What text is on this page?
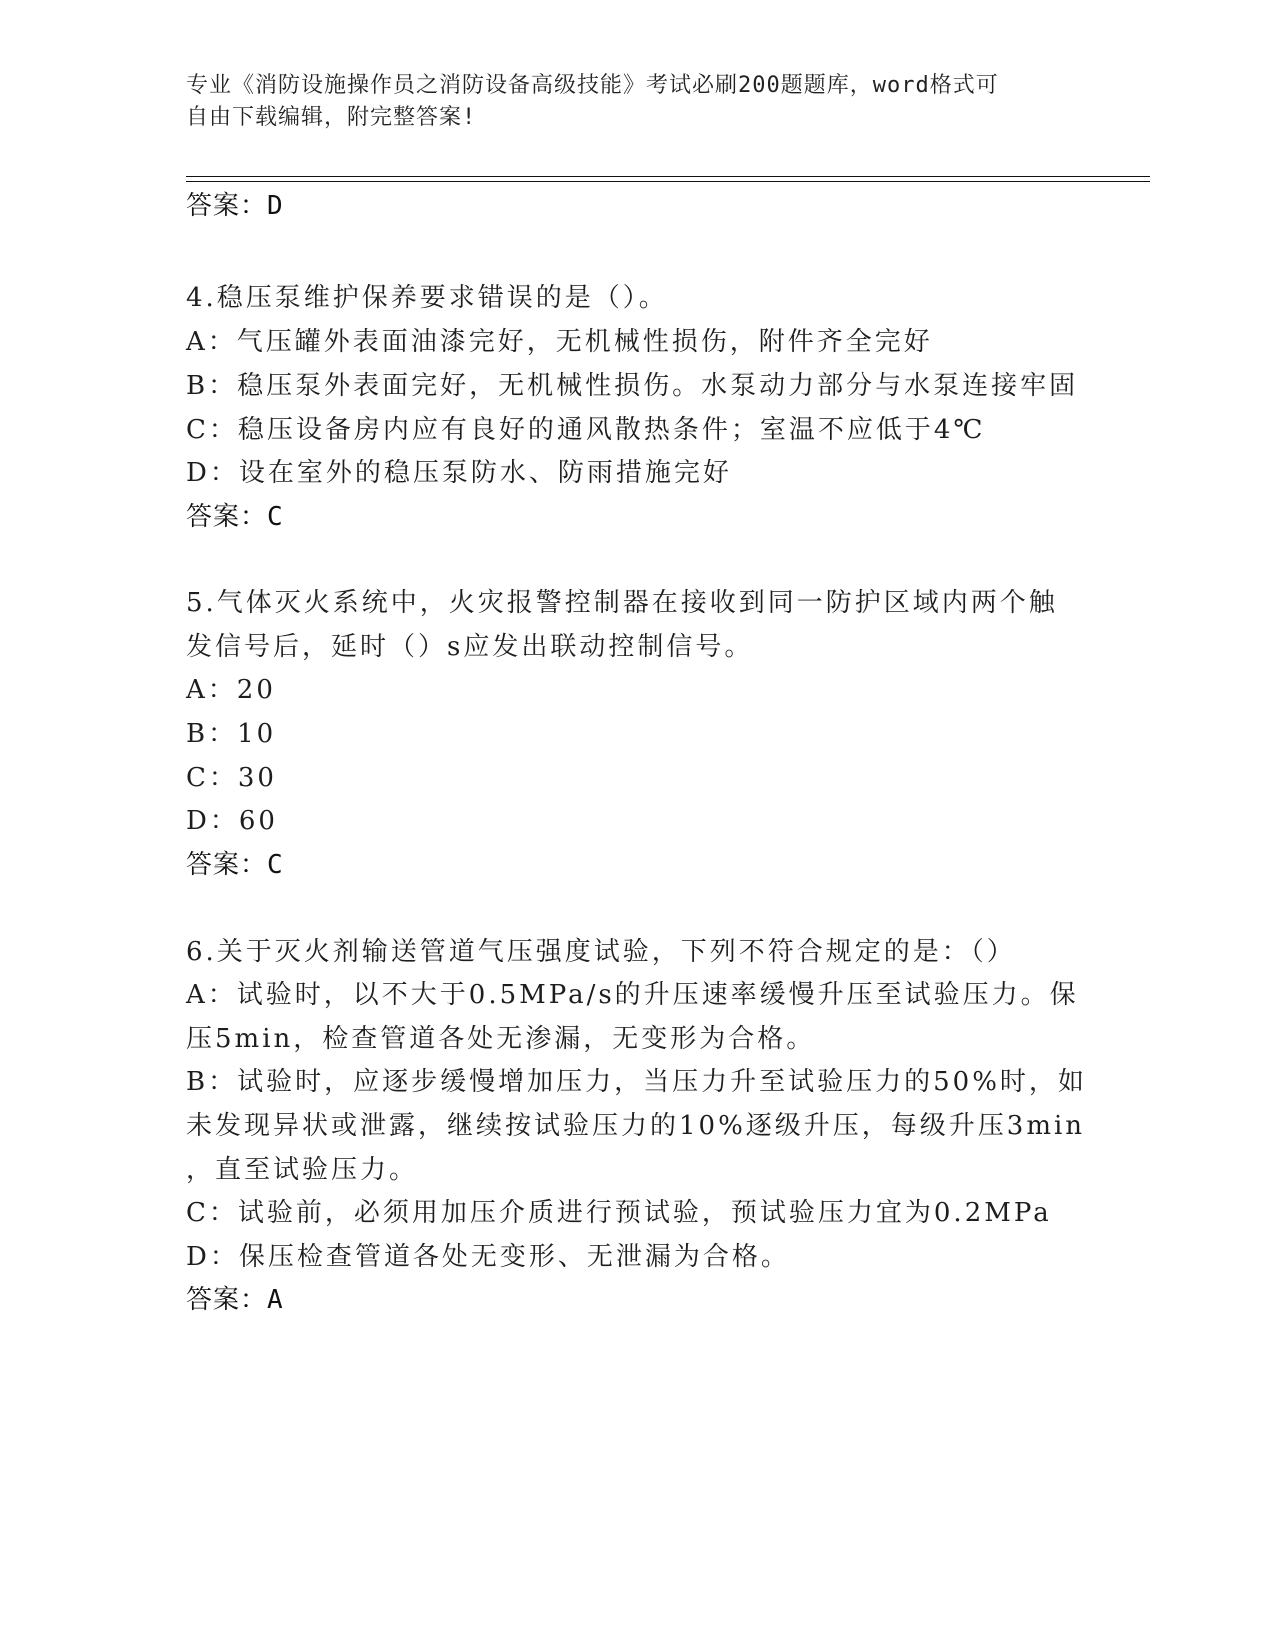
专业《消防设施操作员之消防设备高级技能》考试必刷200题题库，word格式可
自由下载编辑，附完整答案!
答案：D
4.稳压泵维护保养要求错误的是（）。
A：气压罐外表面油漆完好，无机械性损伤，附件齐全完好
B：稳压泵外表面完好，无机械性损伤。水泵动力部分与水泵连接牢固
C：稳压设备房内应有良好的通风散热条件；室温不应低于4℃
D：设在室外的稳压泵防水、防雨措施完好
答案：C
5.气体灭火系统中，火灾报警控制器在接收到同一防护区域内两个触
发信号后，延时（）s应发出联动控制信号。
A：20
B：10
C：30
D：60
答案：C
6.关于灭火剂输送管道气压强度试验，下列不符合规定的是：（）
A：试验时，以不大于0.5MPa/s的升压速率缓慢升压至试验压力。保
压5min，检查管道各处无渗漏，无变形为合格。
B：试验时，应逐步缓慢增加压力，当压力升至试验压力的50%时，如
未发现异状或泄露，继续按试验压力的10%逐级升压，每级升压3min
，直至试验压力。
C：试验前，必须用加压介质进行预试验，预试验压力宜为0.2MPa
D：保压检查管道各处无变形、无泄漏为合格。
答案：A
